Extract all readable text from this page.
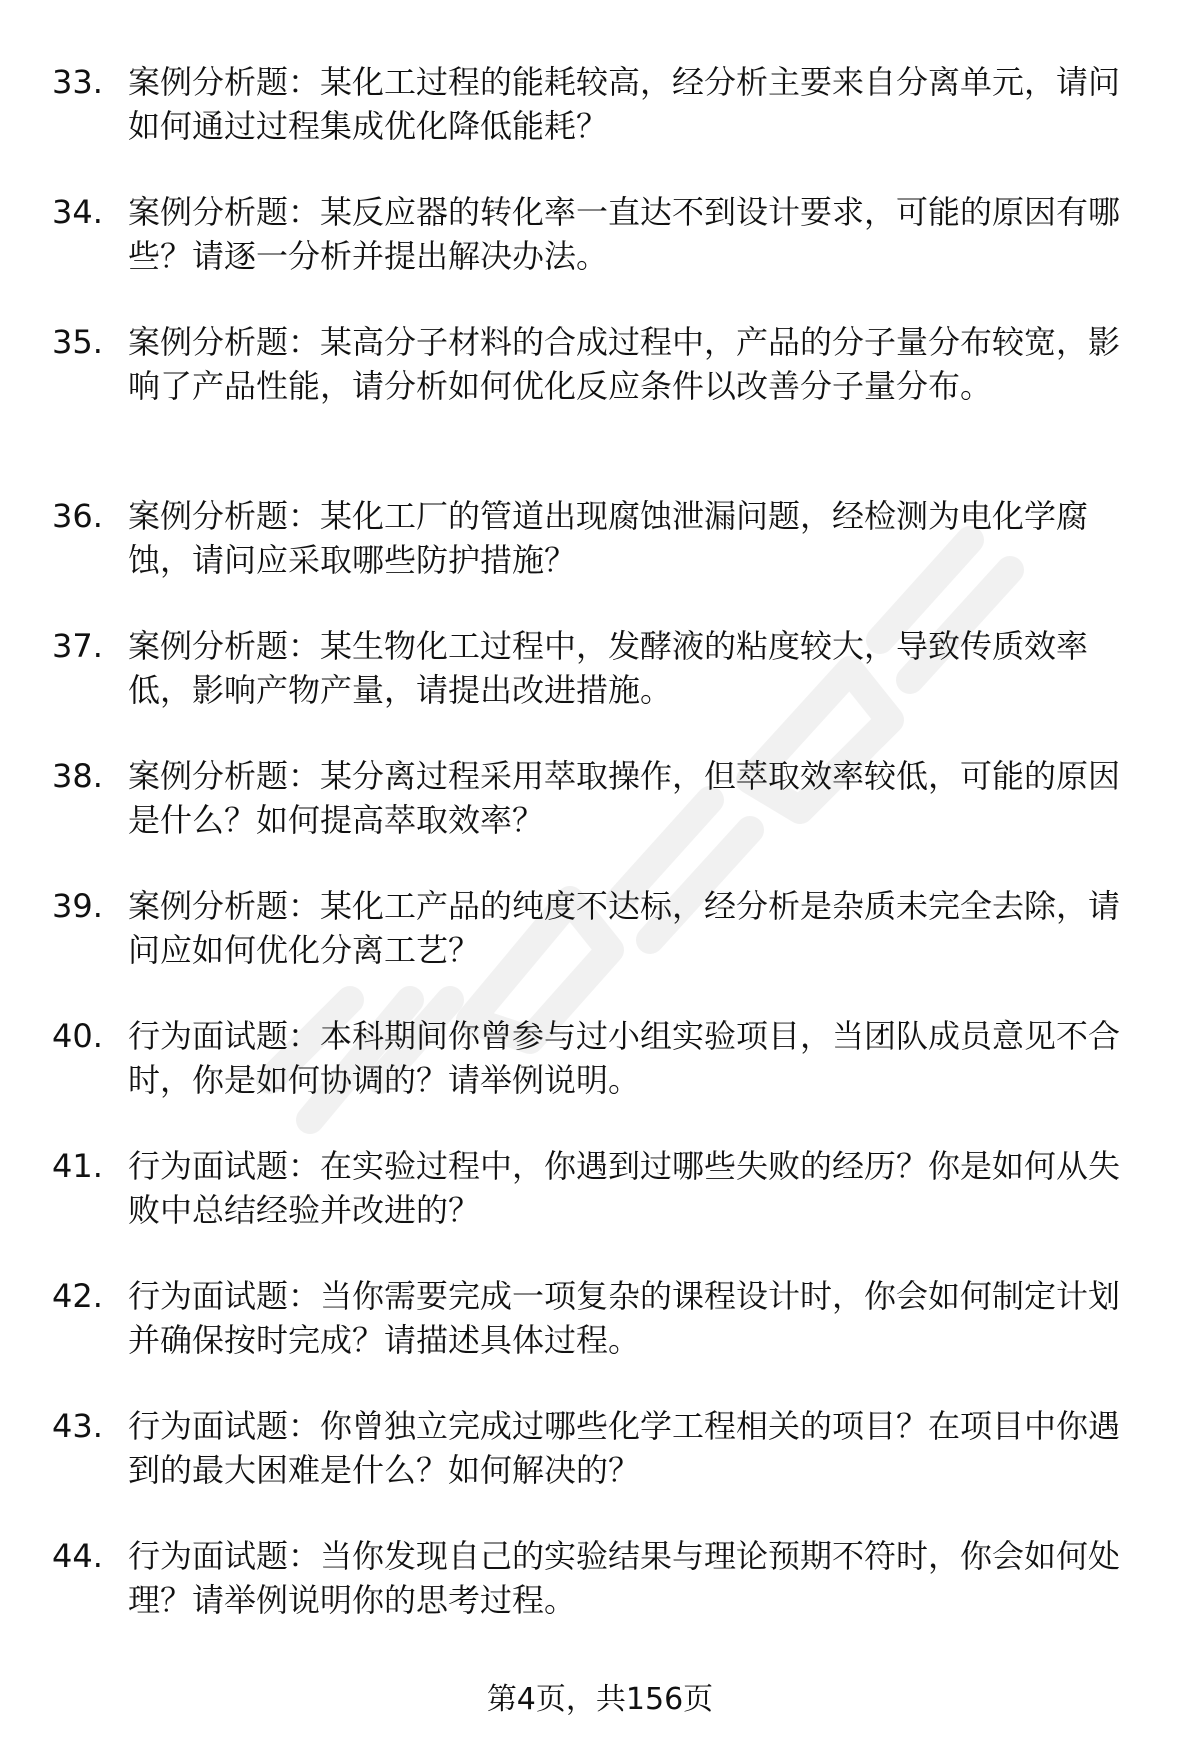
33. 案例分析题：某化工过程的能耗较高，经分析主要来自分离单元，请问如何通过过程集成优化降低能耗？
34. 案例分析题：某反应器的转化率一直达不到设计要求，可能的原因有哪些？请逐一分析并提出解决办法。
35. 案例分析题：某高分子材料的合成过程中，产品的分子量分布较宽，影响了产品性能，请分析如何优化反应条件以改善分子量分布。
36. 案例分析题：某化工厂的管道出现腐蚀泄漏问题，经检测为电化学腐蚀，请问应采取哪些防护措施？
37. 案例分析题：某生物化工过程中，发酵液的粘度较大，导致传质效率低，影响产物产量，请提出改进措施。
38. 案例分析题：某分离过程采用萃取操作，但萃取效率较低，可能的原因是什么？如何提高萃取效率？
39. 案例分析题：某化工产品的纯度不达标，经分析是杂质未完全去除，请问应如何优化分离工艺？
40. 行为面试题：本科期间你曾参与过小组实验项目，当团队成员意见不合时，你是如何协调的？请举例说明。
41. 行为面试题：在实验过程中，你遇到过哪些失败的经历？你是如何从失败中总结经验并改进的？
42. 行为面试题：当你需要完成一项复杂的课程设计时，你会如何制定计划并确保按时完成？请描述具体过程。
43. 行为面试题：你曾独立完成过哪些化学工程相关的项目？在项目中你遇到的最大困难是什么？如何解决的？
44. 行为面试题：当你发现自己的实验结果与理论预期不符时，你会如何处理？请举例说明你的思考过程。
第4页，共156页
